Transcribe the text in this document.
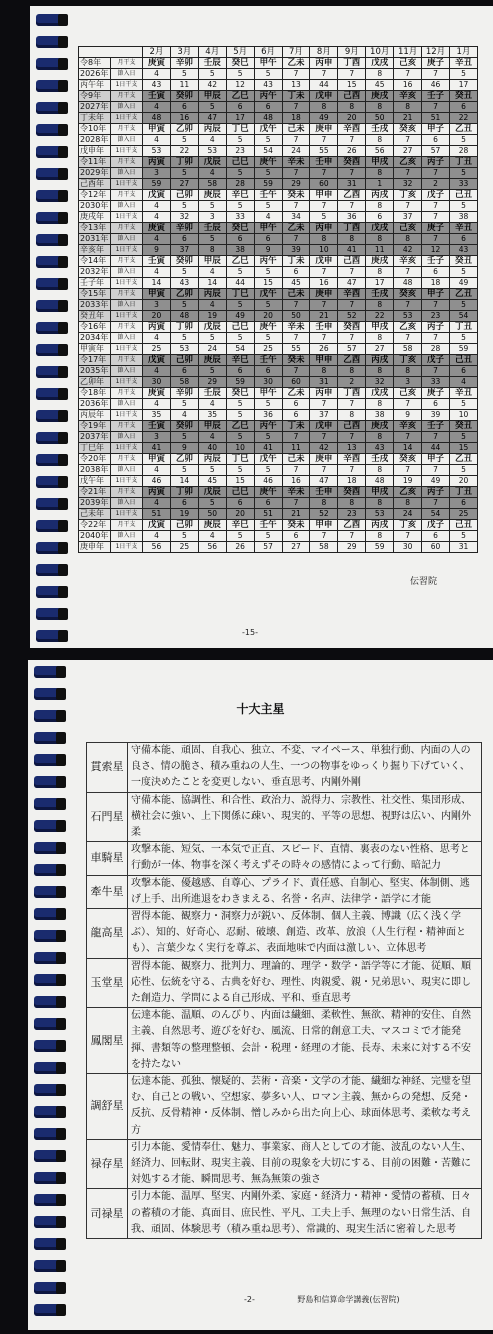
		2月	3月	4月	5月	6月	7月	8月	9月	10月	11月	12月	1月
令8年	月干支	庚寅	辛卯	壬辰	癸巳	甲午	乙未	丙申	丁酉	戊戌	己亥	庚子	辛丑
2026年	節入日	4	5	5	5	5	7	7	7	8	7	7	5
丙午年	1日干支	43	11	42	12	43	13	44	15	45	16	46	17
令9年	月干支	壬寅	癸卯	甲辰	乙巳	丙午	丁未	戊申	己酉	庚戌	辛亥	壬子	癸丑
2027年	節入日	4	6	5	6	6	7	8	8	8	8	7	6
丁未年	1日干支	48	16	47	17	48	18	49	20	50	21	51	22
令10年	月干支	甲寅	乙卯	丙辰	丁巳	戊午	己未	庚申	辛酉	壬戌	癸亥	甲子	乙丑
2028年	節入日	4	5	4	5	5	7	7	7	8	7	6	5
戊申年	1日干支	53	22	53	23	54	24	55	26	56	27	57	28
令11年	月干支	丙寅	丁卯	戊辰	己巳	庚午	辛未	壬申	癸酉	甲戌	乙亥	丙子	丁丑
2029年	節入日	3	5	4	5	5	7	7	7	8	7	7	5
己酉年	1日干支	59	27	58	28	59	29	60	31	1	32	2	33
令12年	月干支	戊寅	己卯	庚辰	辛巳	壬午	癸未	甲申	乙酉	丙戌	丁亥	戊子	己丑
2030年	節入日	4	5	5	5	5	7	7	7	8	7	7	5
庚戌年	1日干支	4	32	3	33	4	34	5	36	6	37	7	38
令13年	月干支	庚寅	辛卯	壬辰	癸巳	甲午	乙未	丙申	丁酉	戊戌	己亥	庚子	辛丑
2031年	節入日	4	6	5	6	6	7	8	8	8	8	7	6
辛亥年	1日干支	9	37	8	38	9	39	10	41	11	42	12	43
令14年	月干支	壬寅	癸卯	甲辰	乙巳	丙午	丁未	戊申	己酉	庚戌	辛亥	壬子	癸丑
2032年	節入日	4	5	4	5	5	6	7	7	8	7	6	5
壬子年	1日干支	14	43	14	44	15	45	16	47	17	48	18	49
令15年	月干支	甲寅	乙卯	丙辰	丁巳	戊午	己未	庚申	辛酉	壬戌	癸亥	甲子	乙丑
2033年	節入日	3	5	4	5	5	7	7	7	8	7	7	5
癸丑年	1日干支	20	48	19	49	20	50	21	52	22	53	23	54
令16年	月干支	丙寅	丁卯	戊辰	己巳	庚午	辛未	壬申	癸酉	甲戌	乙亥	丙子	丁丑
2034年	節入日	4	5	5	5	5	7	7	7	8	7	7	5
甲寅年	1日干支	25	53	24	54	25	55	26	57	27	58	28	59
令17年	月干支	戊寅	己卯	庚辰	辛巳	壬午	癸未	甲申	乙酉	丙戌	丁亥	戊子	己丑
2035年	節入日	4	6	5	6	6	7	8	8	8	8	7	6
乙卯年	1日干支	30	58	29	59	30	60	31	2	32	3	33	4
令18年	月干支	庚寅	辛卯	壬辰	癸巳	甲午	乙未	丙申	丁酉	戊戌	己亥	庚子	辛丑
2036年	節入日	4	5	4	5	5	6	7	7	8	7	6	5
丙辰年	1日干支	35	4	35	5	36	6	37	8	38	9	39	10
令19年	月干支	壬寅	癸卯	甲辰	乙巳	丙午	丁未	戊申	己酉	庚戌	辛亥	壬子	癸丑
2037年	節入日	3	5	4	5	5	7	7	7	8	7	7	5
丁巳年	1日干支	41	9	40	10	41	11	42	13	43	14	44	15
令20年	月干支	甲寅	乙卯	丙辰	丁巳	戊午	己未	庚申	辛酉	壬戌	癸亥	甲子	乙丑
2038年	節入日	4	5	5	5	5	7	7	7	8	7	7	5
戊午年	1日干支	46	14	45	15	46	16	47	18	48	19	49	20
令21年	月干支	丙寅	丁卯	戊辰	己巳	庚午	辛未	壬申	癸酉	甲戌	乙亥	丙子	丁丑
2039年	節入日	4	6	5	6	6	7	8	8	8	8	7	6
己未年	1日干支	51	19	50	20	51	21	52	23	53	24	54	25
令22年	月干支	戊寅	己卯	庚辰	辛巳	壬午	癸未	甲申	乙酉	丙戌	丁亥	戊子	己丑
2040年	節入日	4	5	4	5	5	6	7	7	8	7	6	5
庚申年	1日干支	56	25	56	26	57	27	58	29	59	30	60	31
伝習院
-15-
十大主星
貫索星	守備本能、頑固、自我心、独立、不変、マイペース、単独行動、内面の人の良さ、情の脆さ、積み重ねの人生、一つの物事をゆっくり掘り下げていく、一度決めたことを変更しない、垂直思考、内剛外剛
石門星	守備本能、協調性、和合性、政治力、説得力、宗教性、社交性、集団形成、横社会に強い、上下関係に疎い、現実的、平等の思想、視野は広い、内剛外柔
車騎星	攻撃本能、短気、一本気で正直、スピード、直情、裏表のない性格、思考と行動が一体、物事を深く考えずその時々の感情によって行動、暗記力
牽牛星	攻撃本能、優越感、自尊心、プライド、責任感、自制心、堅実、体制側、逃げ上手、出所進退をわきまえる、名誉・名声、法律学・語学に才能
龍高星	習得本能、観察力・洞察力が鋭い、反体制、個人主義、博識（広く浅く学ぶ）、知的、好奇心、忍耐、破壊、創造、改革、放浪（人生行程・精神面とも）、言葉少なく実行を尊ぶ、表面地味で内面は激しい、立体思考
玉堂星	習得本能、観察力、批判力、理論的、理学・数学・語学等に才能、従順、順応性、伝統を守る、古典を好む、理性、肉親愛、親・兄弟思い、現実に即した創造力、学問による自己形成、平和、垂直思考
鳳閣星	伝達本能、温順、のんびり、内面は繊細、柔軟性、無欲、精神的安住、自然主義、自然思考、遊びを好む、風流、日常的創意工夫、マスコミで才能発揮、書類等の整理整頓、会計・税理・経理の才能、長寿、未来に対する不安を持たない
調舒星	伝達本能、孤独、懐疑的、芸術・音楽・文学の才能、繊細な神経、完璧を望む、自己との戦い、空想家、夢多い人、ロマン主義、無からの発想、反発・反抗、反骨精神・反体制、憎しみから出た向上心、球面体思考、柔軟な考え方
禄存星	引力本能、愛情奉仕、魅力、事業家、商人としての才能、波乱のない人生、経済力、回転財、現実主義、目前の現象を大切にする、目前の困難・苦難に対処する才能、瞬間思考、無為無策の強さ
司禄星	引力本能、温厚、堅実、内剛外柔、家庭・経済力・精神・愛情の蓄積、日々の蓄積の才能、真面目、庶民性、平凡、工夫上手、無理のない日常生活、自我、頑固、体験思考（積み重ね思考）、常識的、現実生活に密着した思考
-2-	野島和信算命学講義(伝習院)
